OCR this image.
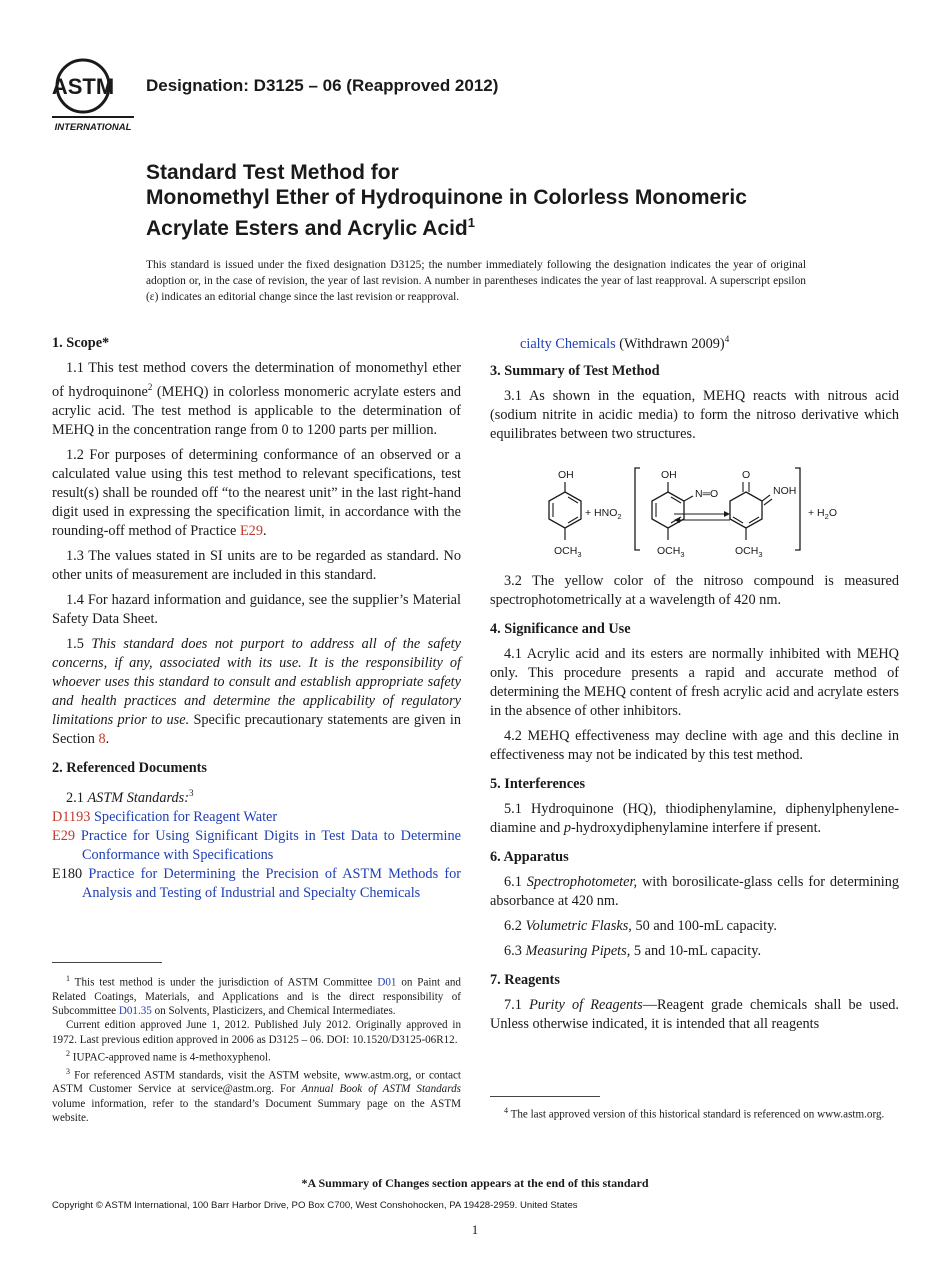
ASTM
INTERNATIONAL
Designation: D3125 – 06 (Reapproved 2012)
Standard Test Method for
Monomethyl Ether of Hydroquinone in Colorless Monomeric
Acrylate Esters and Acrylic Acid$^1$
This standard is issued under the fixed designation D3125; the number immediately following the designation indicates the year of original adoption or, in the case of revision, the year of last revision. A number in parentheses indicates the year of last reapproval. A superscript epsilon (ε) indicates an editorial change since the last revision or reapproval.
1. Scope*

1.1 This test method covers the determination of monomethyl ether of hydroquinone$^2$ (MEHQ) in colorless monomeric acrylate esters and acrylic acid. The test method is applicable to the determination of MEHQ in the concentration range from 0 to 1200 parts per million.

1.2 For purposes of determining conformance of an observed or a calculated value using this test method to relevant specifications, test result(s) shall be rounded off “to the nearest unit” in the last right-hand digit used in expressing the specification limit, in accordance with the rounding-off method of Practice E29.

1.3 The values stated in SI units are to be regarded as standard. No other units of measurement are included in this standard.

1.4 For hazard information and guidance, see the supplier’s Material Safety Data Sheet.

1.5 This standard does not purport to address all of the safety concerns, if any, associated with its use. It is the responsibility of whoever uses this standard to consult and establish appropriate safety and health practices and determine the applicability of regulatory limitations prior to use. Specific precautionary statements are given in Section 8.

2. Referenced Documents

2.1 ASTM Standards:$^3$

D1193 Specification for Reagent Water
E29 Practice for Using Significant Digits in Test Data to Determine Conformance with Specifications
E180 Practice for Determining the Precision of ASTM Methods for Analysis and Testing of Industrial and Specialty Chemicals

$^1$ This test method is under the jurisdiction of ASTM Committee D01 on Paint and Related Coatings, Materials, and Applications and is the direct responsibility of Subcommittee D01.35 on Solvents, Plasticizers, and Chemical Intermediates.

Current edition approved June 1, 2012. Published July 2012. Originally approved in 1972. Last previous edition approved in 2006 as D3125 – 06. DOI: 10.1520/D3125-06R12.

$^2$ IUPAC-approved name is 4-methoxyphenol.

$^3$ For referenced ASTM standards, visit the ASTM website, www.astm.org, or contact ASTM Customer Service at service@astm.org. For Annual Book of ASTM Standards volume information, refer to the standard’s Document Summary page on the ASTM website.

cialty Chemicals (Withdrawn 2009)$^4$

3. Summary of Test Method

3.1 As shown in the equation, MEHQ reacts with nitrous acid (sodium nitrite in acidic media) to form the nitroso derivative which equilibrates between two structures.

OH
$OCH_3$
+ $HNO_2$
OH
N═O
$OCH_3$
O
NOH
$OCH_3$
+ $H_2O$

3.2 The yellow color of the nitroso compound is measured spectrophotometrically at a wavelength of 420 nm.

4. Significance and Use

4.1 Acrylic acid and its esters are normally inhibited with MEHQ only. This procedure presents a rapid and accurate method of determining the MEHQ content of fresh acrylic acid and acrylate esters in the absence of other inhibitors.

4.2 MEHQ effectiveness may decline with age and this decline in effectiveness may not be indicated by this test method.

5. Interferences

5.1 Hydroquinone (HQ), thiodiphenylamine, diphenylphenylene-diamine and p-hydroxydiphenylamine interfere if present.

6. Apparatus

6.1 Spectrophotometer, with borosilicate-glass cells for determining absorbance at 420 nm.

6.2 Volumetric Flasks, 50 and 100-mL capacity.

6.3 Measuring Pipets, 5 and 10-mL capacity.

7. Reagents

7.1 Purity of Reagents—Reagent grade chemicals shall be used. Unless otherwise indicated, it is intended that all reagents

$^4$ The last approved version of this historical standard is referenced on www.astm.org.

*A Summary of Changes section appears at the end of this standard
Copyright © ASTM International, 100 Barr Harbor Drive, PO Box C700, West Conshohocken, PA 19428-2959. United States
1
